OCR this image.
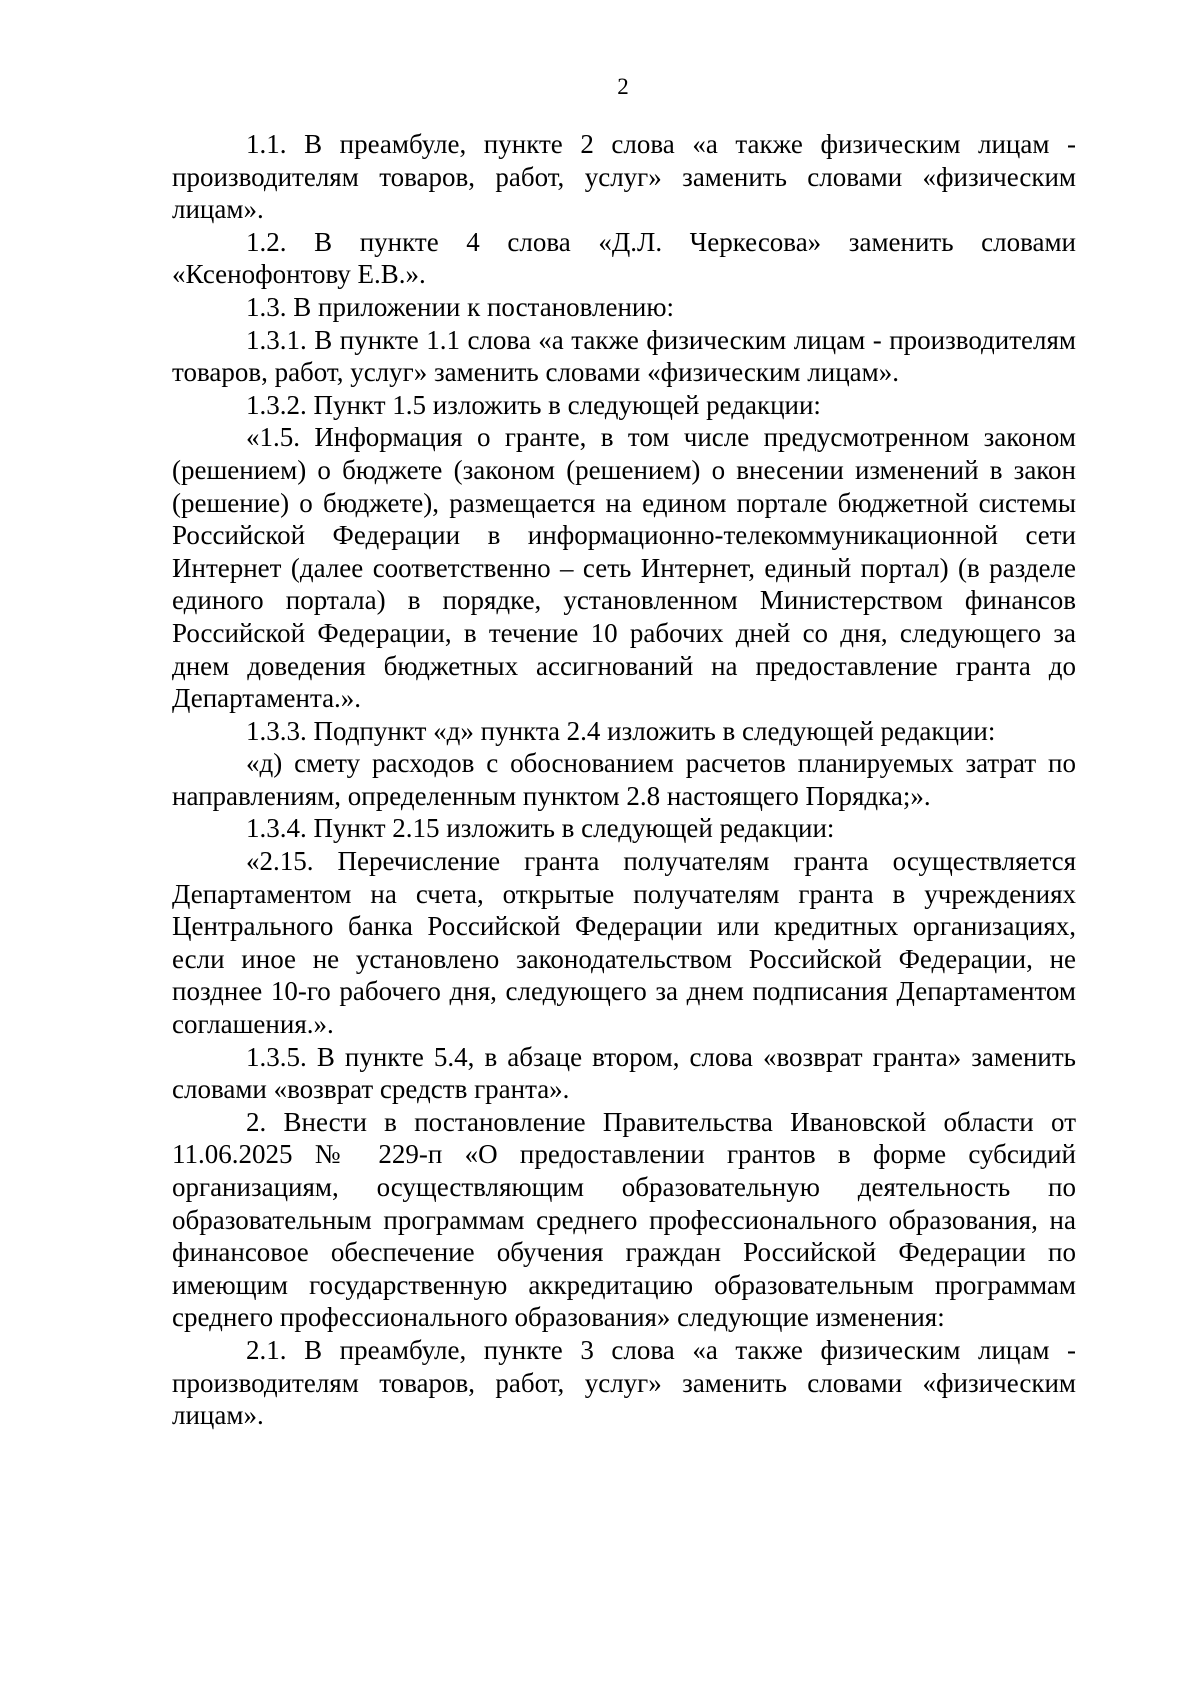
2

1.1. В преамбуле, пункте 2 слова «а также физическим лицам - производителям товаров, работ, услуг» заменить словами «физическим лицам».

1.2. В пункте 4 слова «Д.Л. Черкесова» заменить словами «Ксенофонтову Е.В.».

1.3. В приложении к постановлению:

1.3.1. В пункте 1.1 слова «а также физическим лицам - производителям товаров, работ, услуг» заменить словами «физическим лицам».

1.3.2. Пункт 1.5 изложить в следующей редакции:

«1.5. Информация о гранте, в том числе предусмотренном законом (решением) о бюджете (законом (решением) о внесении изменений в закон (решение) о бюджете), размещается на едином портале бюджетной системы Российской Федерации в информационно-телекоммуникационной сети Интернет (далее соответственно – сеть Интернет, единый портал) (в разделе единого портала) в порядке, установленном Министерством финансов Российской Федерации, в течение 10 рабочих дней со дня, следующего за днем доведения бюджетных ассигнований на предоставление гранта до Департамента.».

1.3.3. Подпункт «д» пункта 2.4 изложить в следующей редакции:

«д) смету расходов с обоснованием расчетов планируемых затрат по направлениям, определенным пунктом 2.8 настоящего Порядка;».

1.3.4. Пункт 2.15 изложить в следующей редакции:

«2.15. Перечисление гранта получателям гранта осуществляется Департаментом на счета, открытые получателям гранта в учреждениях Центрального банка Российской Федерации или кредитных организациях, если иное не установлено законодательством Российской Федерации, не позднее 10-го рабочего дня, следующего за днем подписания Департаментом соглашения.».

1.3.5. В пункте 5.4, в абзаце втором, слова «возврат гранта» заменить словами «возврат средств гранта».

2. Внести в постановление Правительства Ивановской области от 11.06.2025 № 229-п «О предоставлении грантов в форме субсидий организациям, осуществляющим образовательную деятельность по образовательным программам среднего профессионального образования, на финансовое обеспечение обучения граждан Российской Федерации по имеющим государственную аккредитацию образовательным программам среднего профессионального образования» следующие изменения:

2.1. В преамбуле, пункте 3 слова «а также физическим лицам - производителям товаров, работ, услуг» заменить словами «физическим лицам».
